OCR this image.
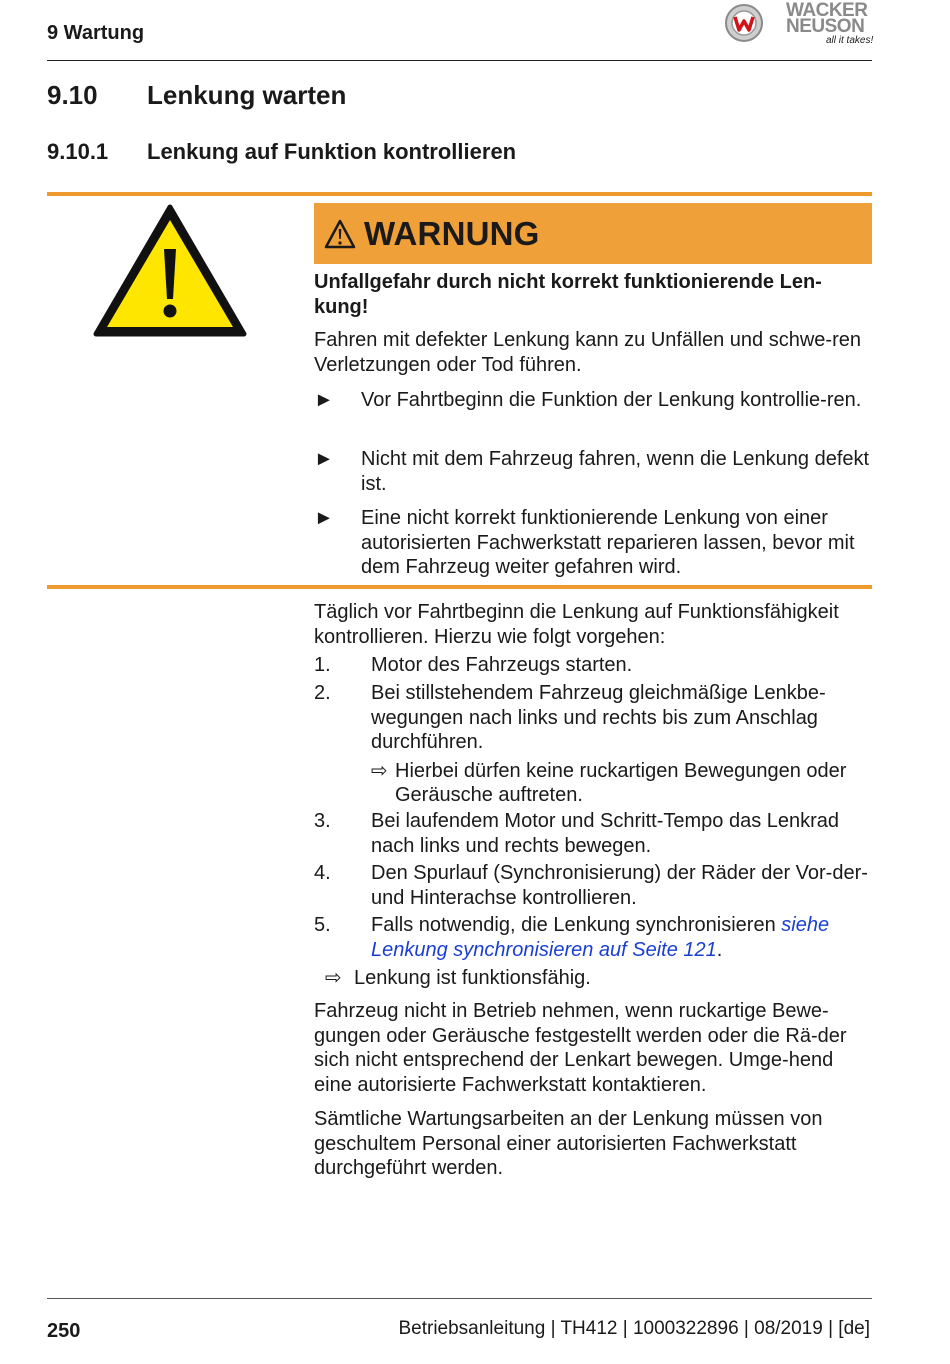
9 Wartung
WACKER
NEUSON
all it takes!
9.10 Lenkung warten
9.10.1 Lenkung auf Funktion kontrollieren
WARNUNG
Unfallgefahr durch nicht korrekt funktionierende Len-kung!
Fahren mit defekter Lenkung kann zu Unfällen und schwe-ren Verletzungen oder Tod führen.
►	Vor Fahrtbeginn die Funktion der Lenkung kontrollie-ren.
►	Nicht mit dem Fahrzeug fahren, wenn die Lenkung defekt ist.
►	Eine nicht korrekt funktionierende Lenkung von einer autorisierten Fachwerkstatt reparieren lassen, bevor mit dem Fahrzeug weiter gefahren wird.
Täglich vor Fahrtbeginn die Lenkung auf Funktionsfähigkeit kontrollieren. Hierzu wie folgt vorgehen:
1.	Motor des Fahrzeugs starten.
2.	Bei stillstehendem Fahrzeug gleichmäßige Lenkbe-wegungen nach links und rechts bis zum Anschlag durchführen.
⇨ Hierbei dürfen keine ruckartigen Bewegungen oder Geräusche auftreten.
3.	Bei laufendem Motor und Schritt-Tempo das Lenkrad nach links und rechts bewegen.
4.	Den Spurlauf (Synchronisierung) der Räder der Vor-der- und Hinterachse kontrollieren.
5.	Falls notwendig, die Lenkung synchronisieren siehe Lenkung synchronisieren auf Seite 121.
⇨ Lenkung ist funktionsfähig.
Fahrzeug nicht in Betrieb nehmen, wenn ruckartige Bewe-gungen oder Geräusche festgestellt werden oder die Rä-der sich nicht entsprechend der Lenkart bewegen. Umge-hend eine autorisierte Fachwerkstatt kontaktieren.
Sämtliche Wartungsarbeiten an der Lenkung müssen von geschultem Personal einer autorisierten Fachwerkstatt durchgeführt werden.
250	Betriebsanleitung | TH412 | 1000322896 | 08/2019 | [de]
